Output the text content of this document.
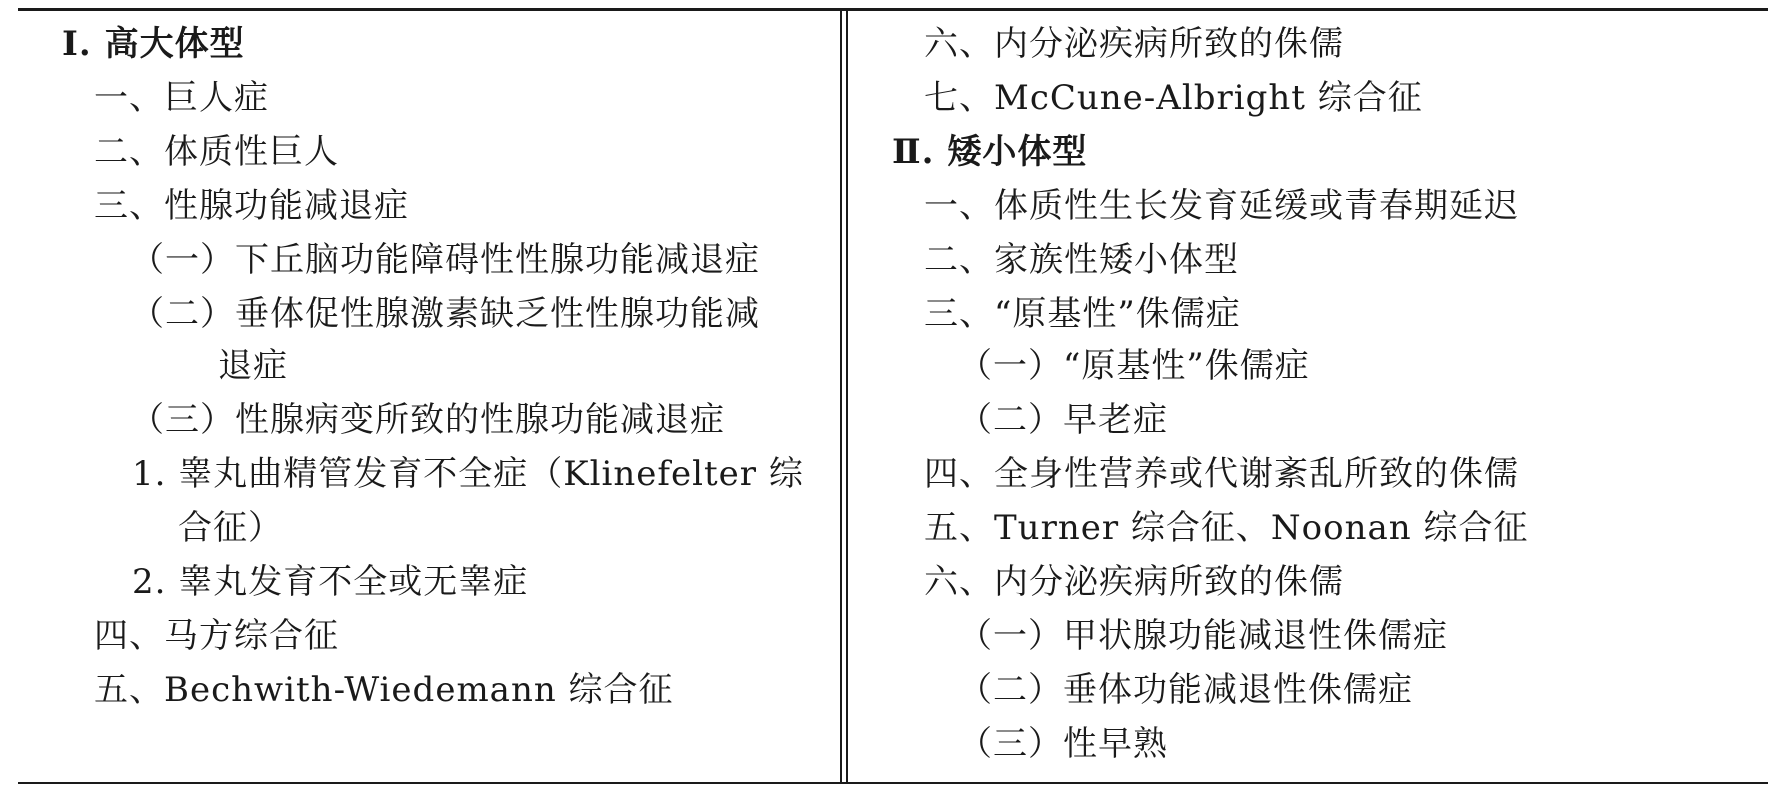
Ⅰ. 高大体型
一、巨人症
二、体质性巨人
三、性腺功能减退症
（一）下丘脑功能障碍性性腺功能减退症
（二）垂体促性腺激素缺乏性性腺功能减
退症
（三）性腺病变所致的性腺功能减退症
1. 睾丸曲精管发育不全症（Klinefelter 综
合征）
2. 睾丸发育不全或无睾症
四、马方综合征
五、Bechwith-Wiedemann 综合征
六、内分泌疾病所致的侏儒
七、McCune-Albright 综合征
Ⅱ. 矮小体型
一、体质性生长发育延缓或青春期延迟
二、家族性矮小体型
三、“原基性”侏儒症
（一）“原基性”侏儒症
（二）早老症
四、全身性营养或代谢紊乱所致的侏儒
五、Turner 综合征、Noonan 综合征
六、内分泌疾病所致的侏儒
（一）甲状腺功能减退性侏儒症
（二）垂体功能减退性侏儒症
（三）性早熟
